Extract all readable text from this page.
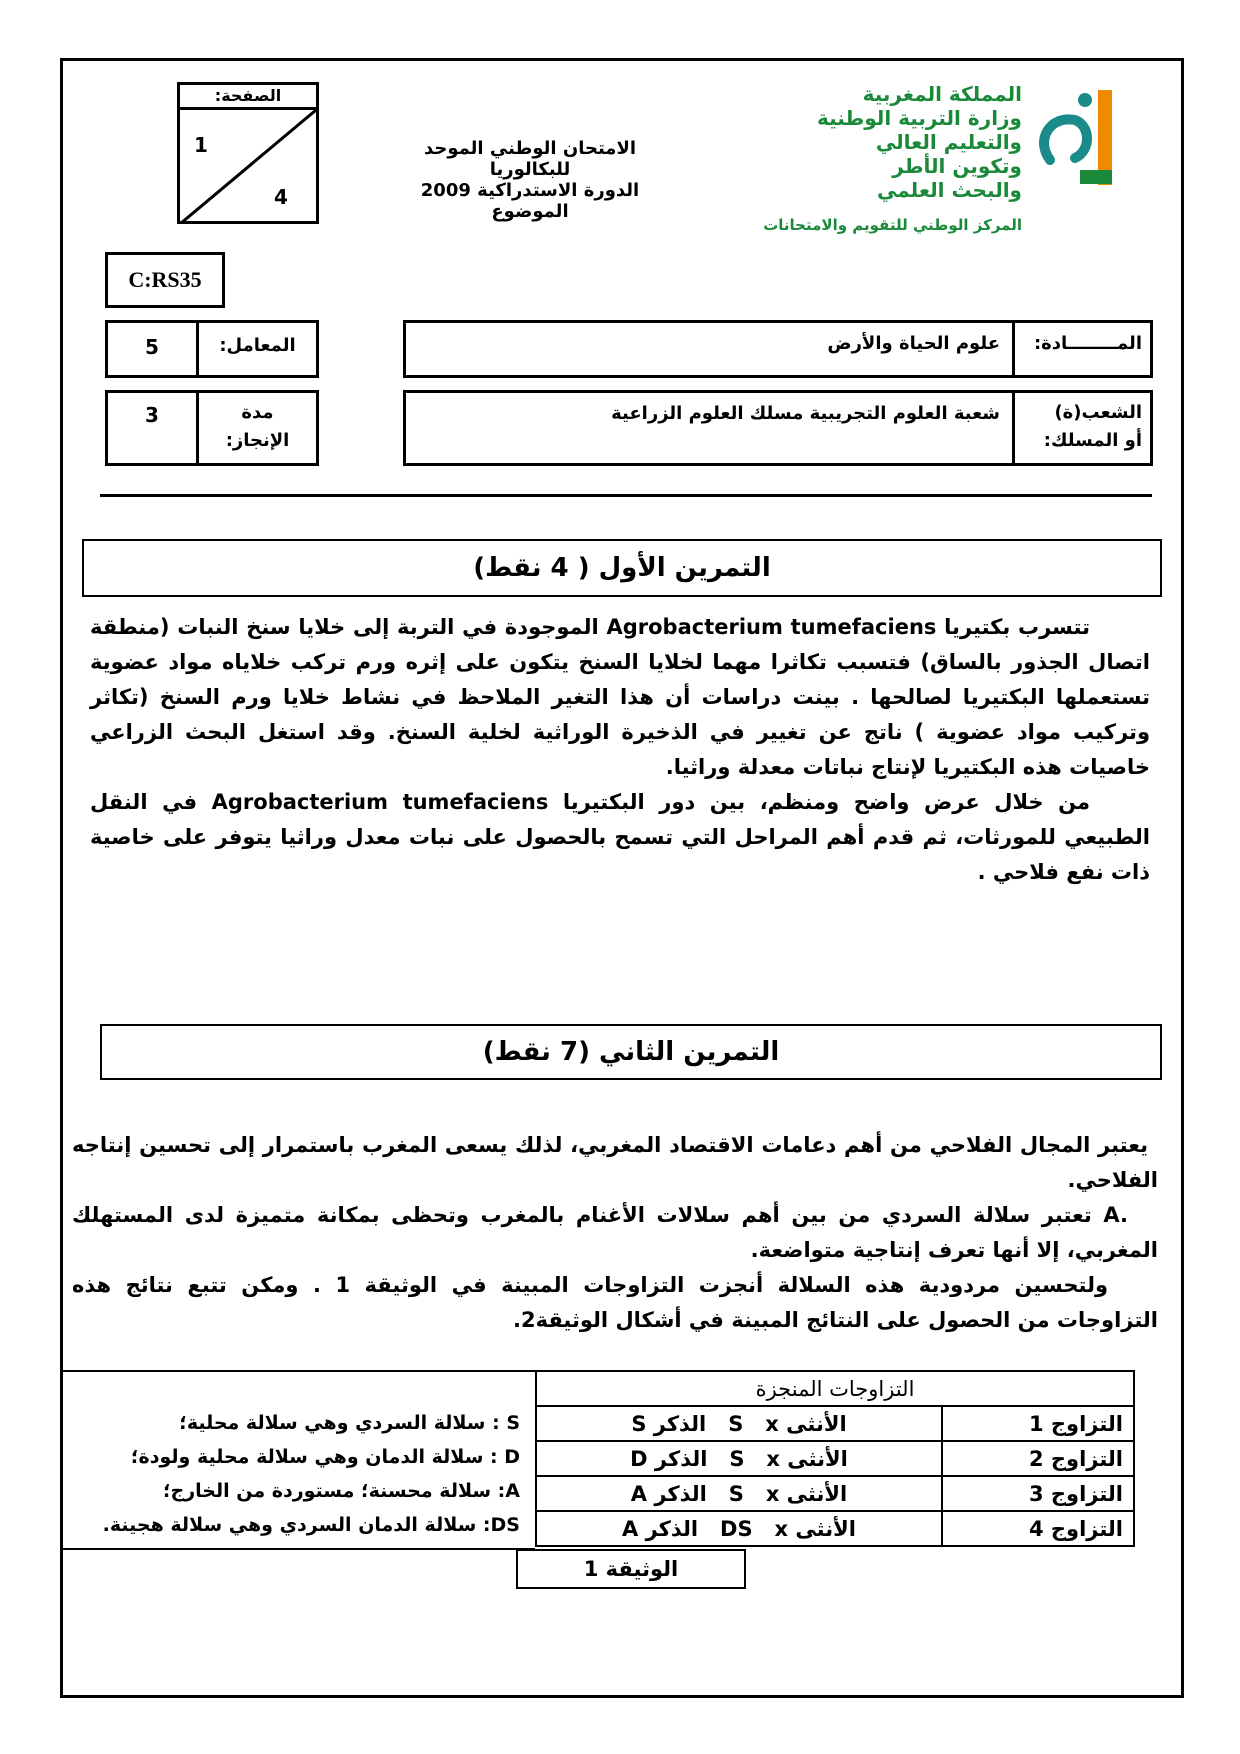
المملكة المغربية
وزارة التربية الوطنية
والتعليم العالي
وتكوين الأطر
والبحث العلمي
المركز الوطني للتقويم والامتحانات
الامتحان الوطني الموحد للبكالوريا
الدورة الاستدراكية 2009
الموضوع
الصفحة:
1
4
C:RS35
5	المعامل:
3	مدة
الإنجاز:
المــــــــادة:
علوم الحياة والأرض
الشعب(ة)
أو المسلك:
شعبة العلوم التجريبية مسلك العلوم الزراعية
التمرين الأول ( 4 نقط)

تتسرب بكتيريا Agrobacterium tumefaciens الموجودة في التربة إلى خلايا سنخ النبات (منطقة اتصال الجذور بالساق) فتسبب تكاثرا مهما لخلايا السنخ يتكون على إثره ورم تركب خلاياه مواد عضوية تستعملها البكتيريا لصالحها . بينت دراسات أن هذا التغير الملاحظ في نشاط خلايا ورم السنخ (تكاثر وتركيب مواد عضوية ) ناتج عن تغيير في الذخيرة الوراثية لخلية السنخ. وقد استغل البحث الزراعي خاصيات هذه البكتيريا لإنتاج نباتات معدلة وراثيا.

من خلال عرض واضح ومنظم، بين دور البكتيريا Agrobacterium tumefaciens في النقل الطبيعي للمورثات، ثم قدم أهم المراحل التي تسمح بالحصول على نبات معدل وراثيا يتوفر على خاصية ذات نفع فلاحي .

التمرين الثاني (7 نقط)

يعتبر المجال الفلاحي من أهم دعامات الاقتصاد المغربي، لذلك يسعى المغرب باستمرار إلى تحسين إنتاجه الفلاحي.

A. تعتبر سلالة السردي من بين أهم سلالات الأغنام بالمغرب وتحظى بمكانة متميزة لدى المستهلك المغربي، إلا أنها تعرف إنتاجية متواضعة.

ولتحسين مردودية هذه السلالة أنجزت التزاوجات المبينة في الوثيقة 1 . ومكن تتبع نتائج هذه التزاوجات من الحصول على النتائج المبينة في أشكال الوثيقة2.

التزاوجات المنجزة	
التزاوج 1	الأنثى S   x   الذكر S
التزاوج 2	الأنثى S   x   الذكر D
التزاوج 3	الأنثى S   x   الذكر A
التزاوج 4	الأنثى DS   x   الذكر A
S : سلالة السردي وهي سلالة محلية؛
D : سلالة الدمان وهي سلالة محلية ولودة؛
A: سلالة محسنة؛ مستوردة من الخارج؛
DS: سلالة الدمان السردي وهي سلالة هجينة.
الوثيقة 1
